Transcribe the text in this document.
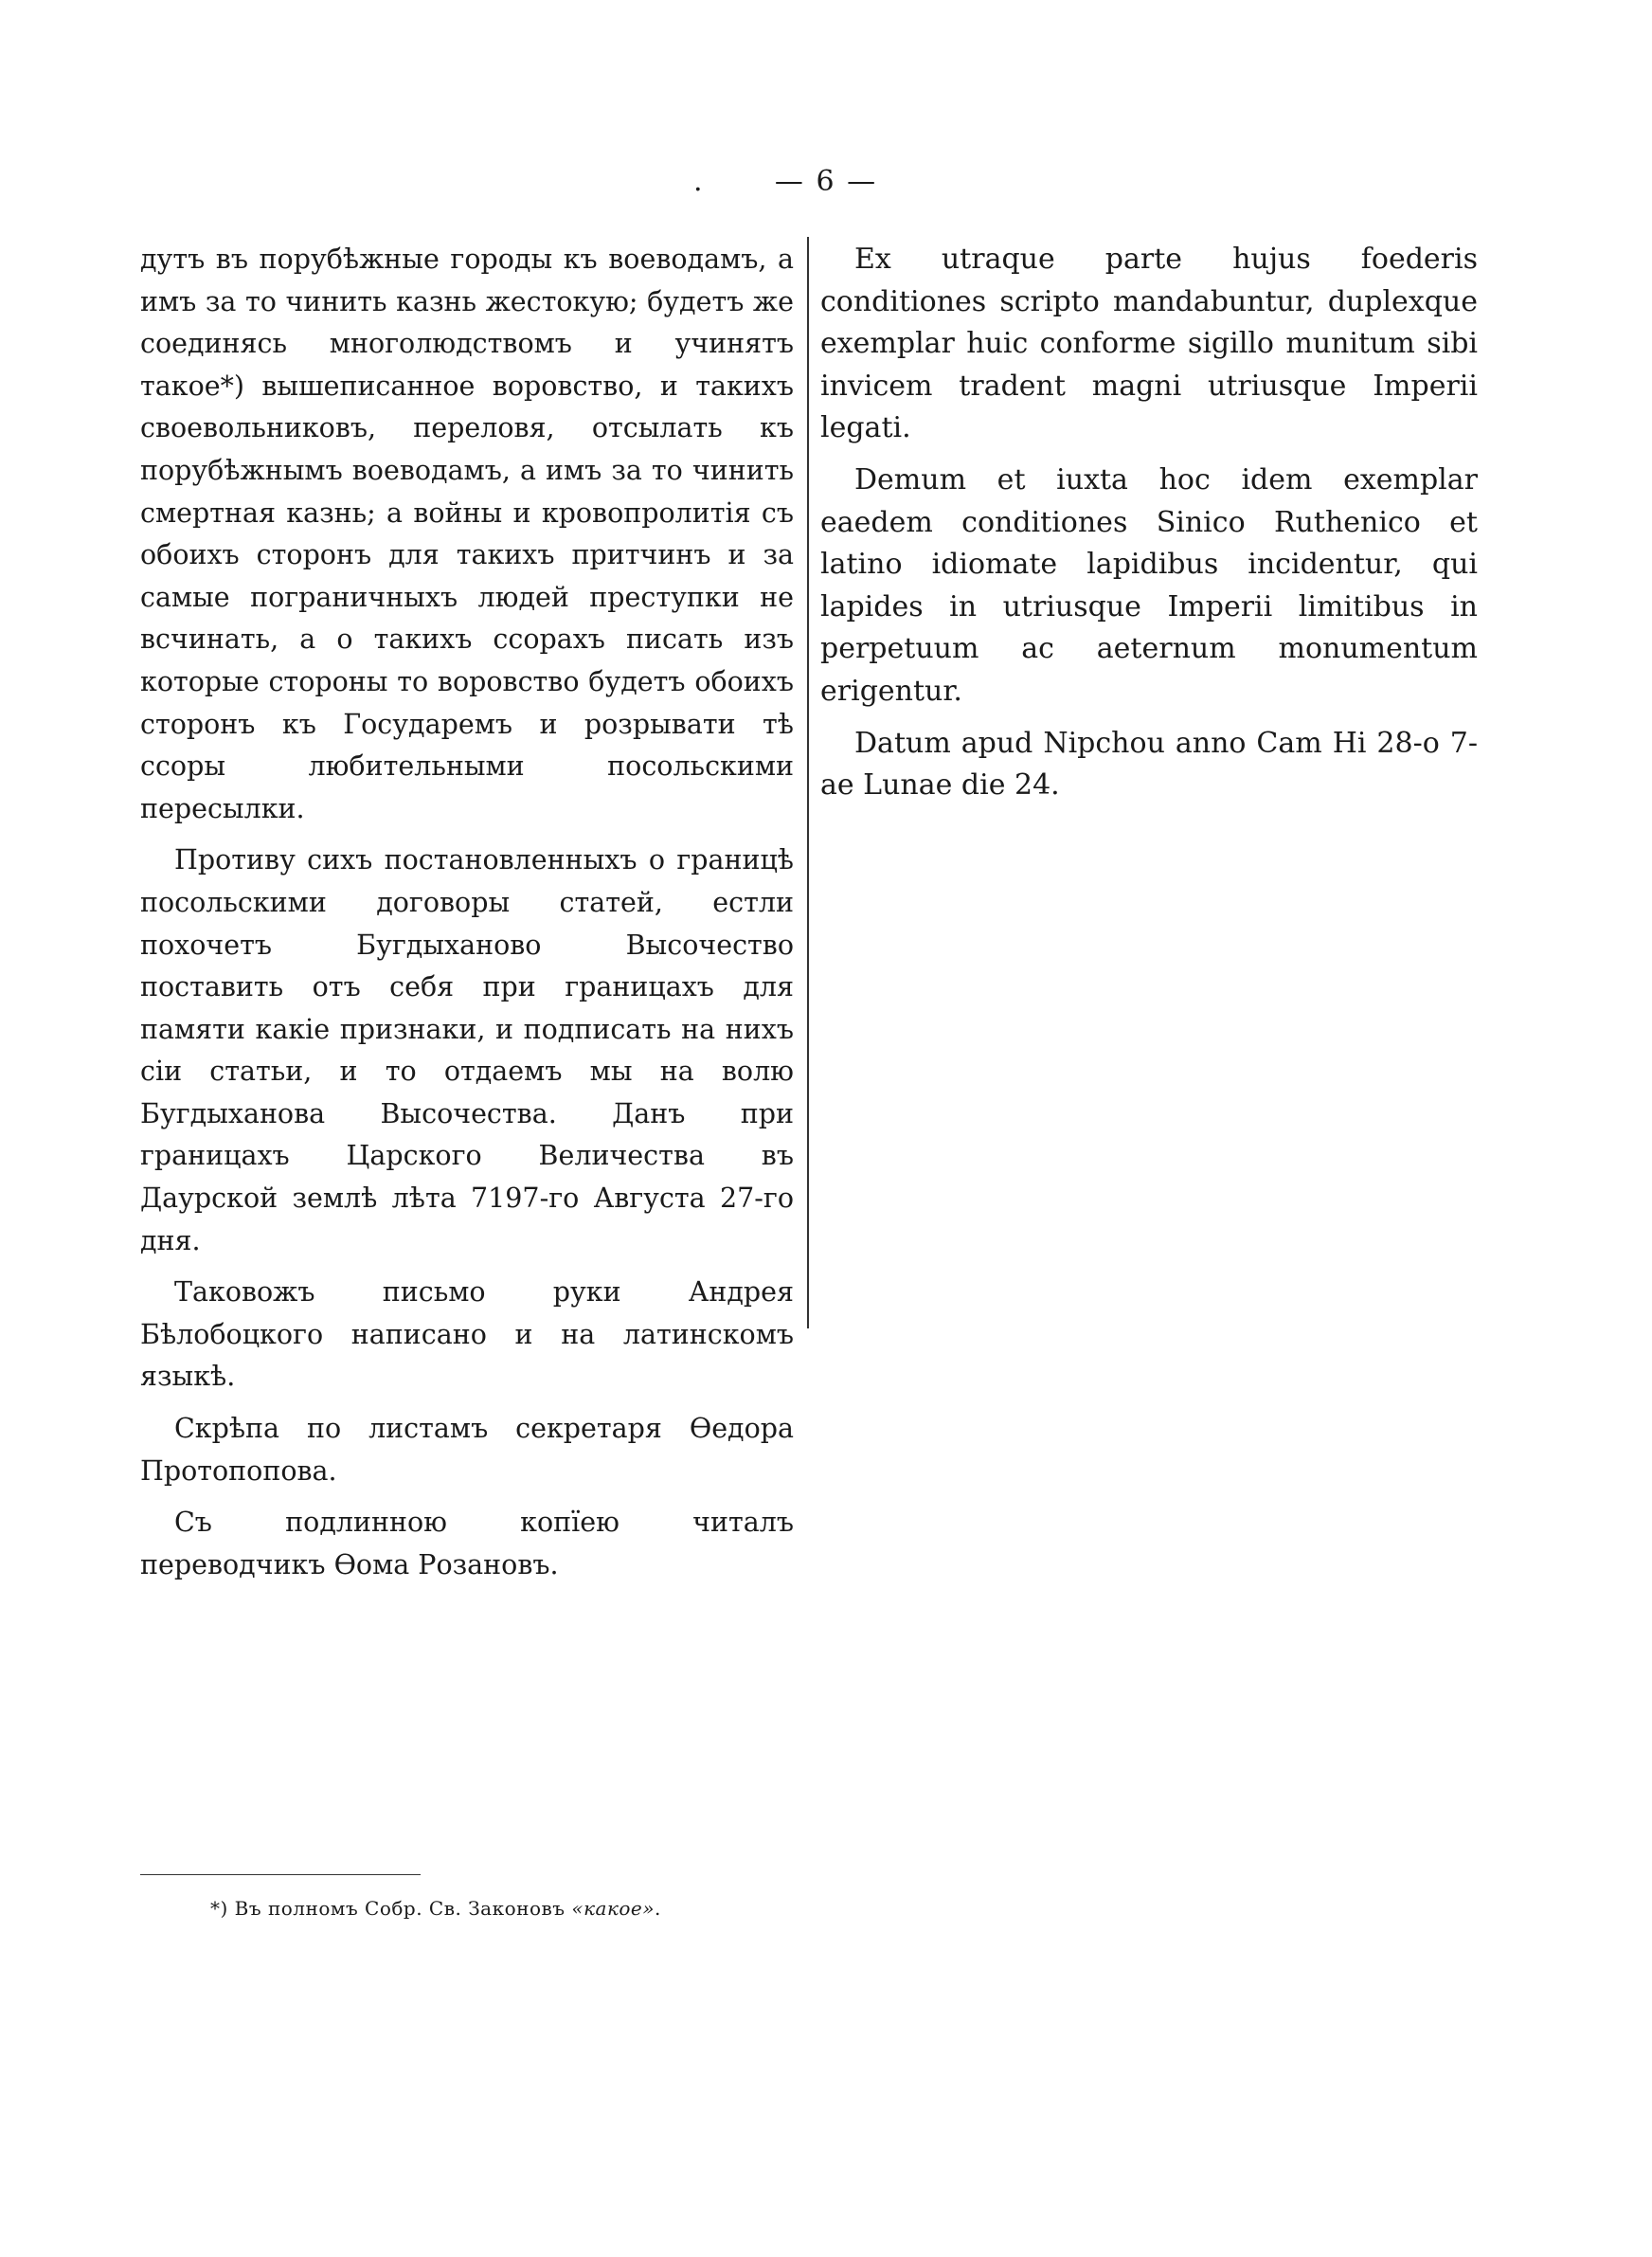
. — 6 —

дутъ въ порубѣжные городы къ воеводамъ, а имъ за то чинить казнь жестокую; будетъ же соединясь многолюдствомъ и учинятъ такое*) вышеписанное воровство, и такихъ своевольниковъ, переловя, отсылать къ порубѣжнымъ воеводамъ, а имъ за то чинить смертная казнь; а войны и кровопролитія съ обоихъ сторонъ для такихъ притчинъ и за самые пограничныхъ людей преступки не всчинать, а о такихъ ссорахъ писать изъ которые стороны то воровство будетъ обоихъ сторонъ къ Государемъ и розрывати тѣ ссоры любительными посольскими пересылки.

Противу сихъ постановленныхъ о границѣ посольскими договоры статей, естли похочетъ Бугдыханово Высочество поставить отъ себя при границахъ для памяти какіе признаки, и подписать на нихъ сіи статьи, и то отдаемъ мы на волю Бугдыханова Высочества. Данъ при границахъ Царского Величества въ Даурской землѣ лѣта 7197-го Августа 27-го дня.

Таковожъ письмо руки Андрея Бѣлобоцкого написано и на латинскомъ языкѣ.

Скрѣпа по листамъ секретаря Ѳедора Протопопова.

Съ подлинною копїею читалъ переводчикъ Ѳома Розановъ.

Ex utraque parte hujus foederis conditiones scripto mandabuntur, duplexque exemplar huic conforme sigillo munitum sibi invicem tradent magni utriusque Imperii legati.

Demum et iuxta hoc idem exemplar eaedem conditiones Sinico Ruthenico et latino idiomate lapidibus incidentur, qui lapides in utriusque Imperii limitibus in perpetuum ac aeternum monumentum erigentur.

Datum apud Nipchou anno Cam Hi 28-o 7-ae Lunae die 24.

*) Въ полномъ Собр. Св. Законовъ «какое».
